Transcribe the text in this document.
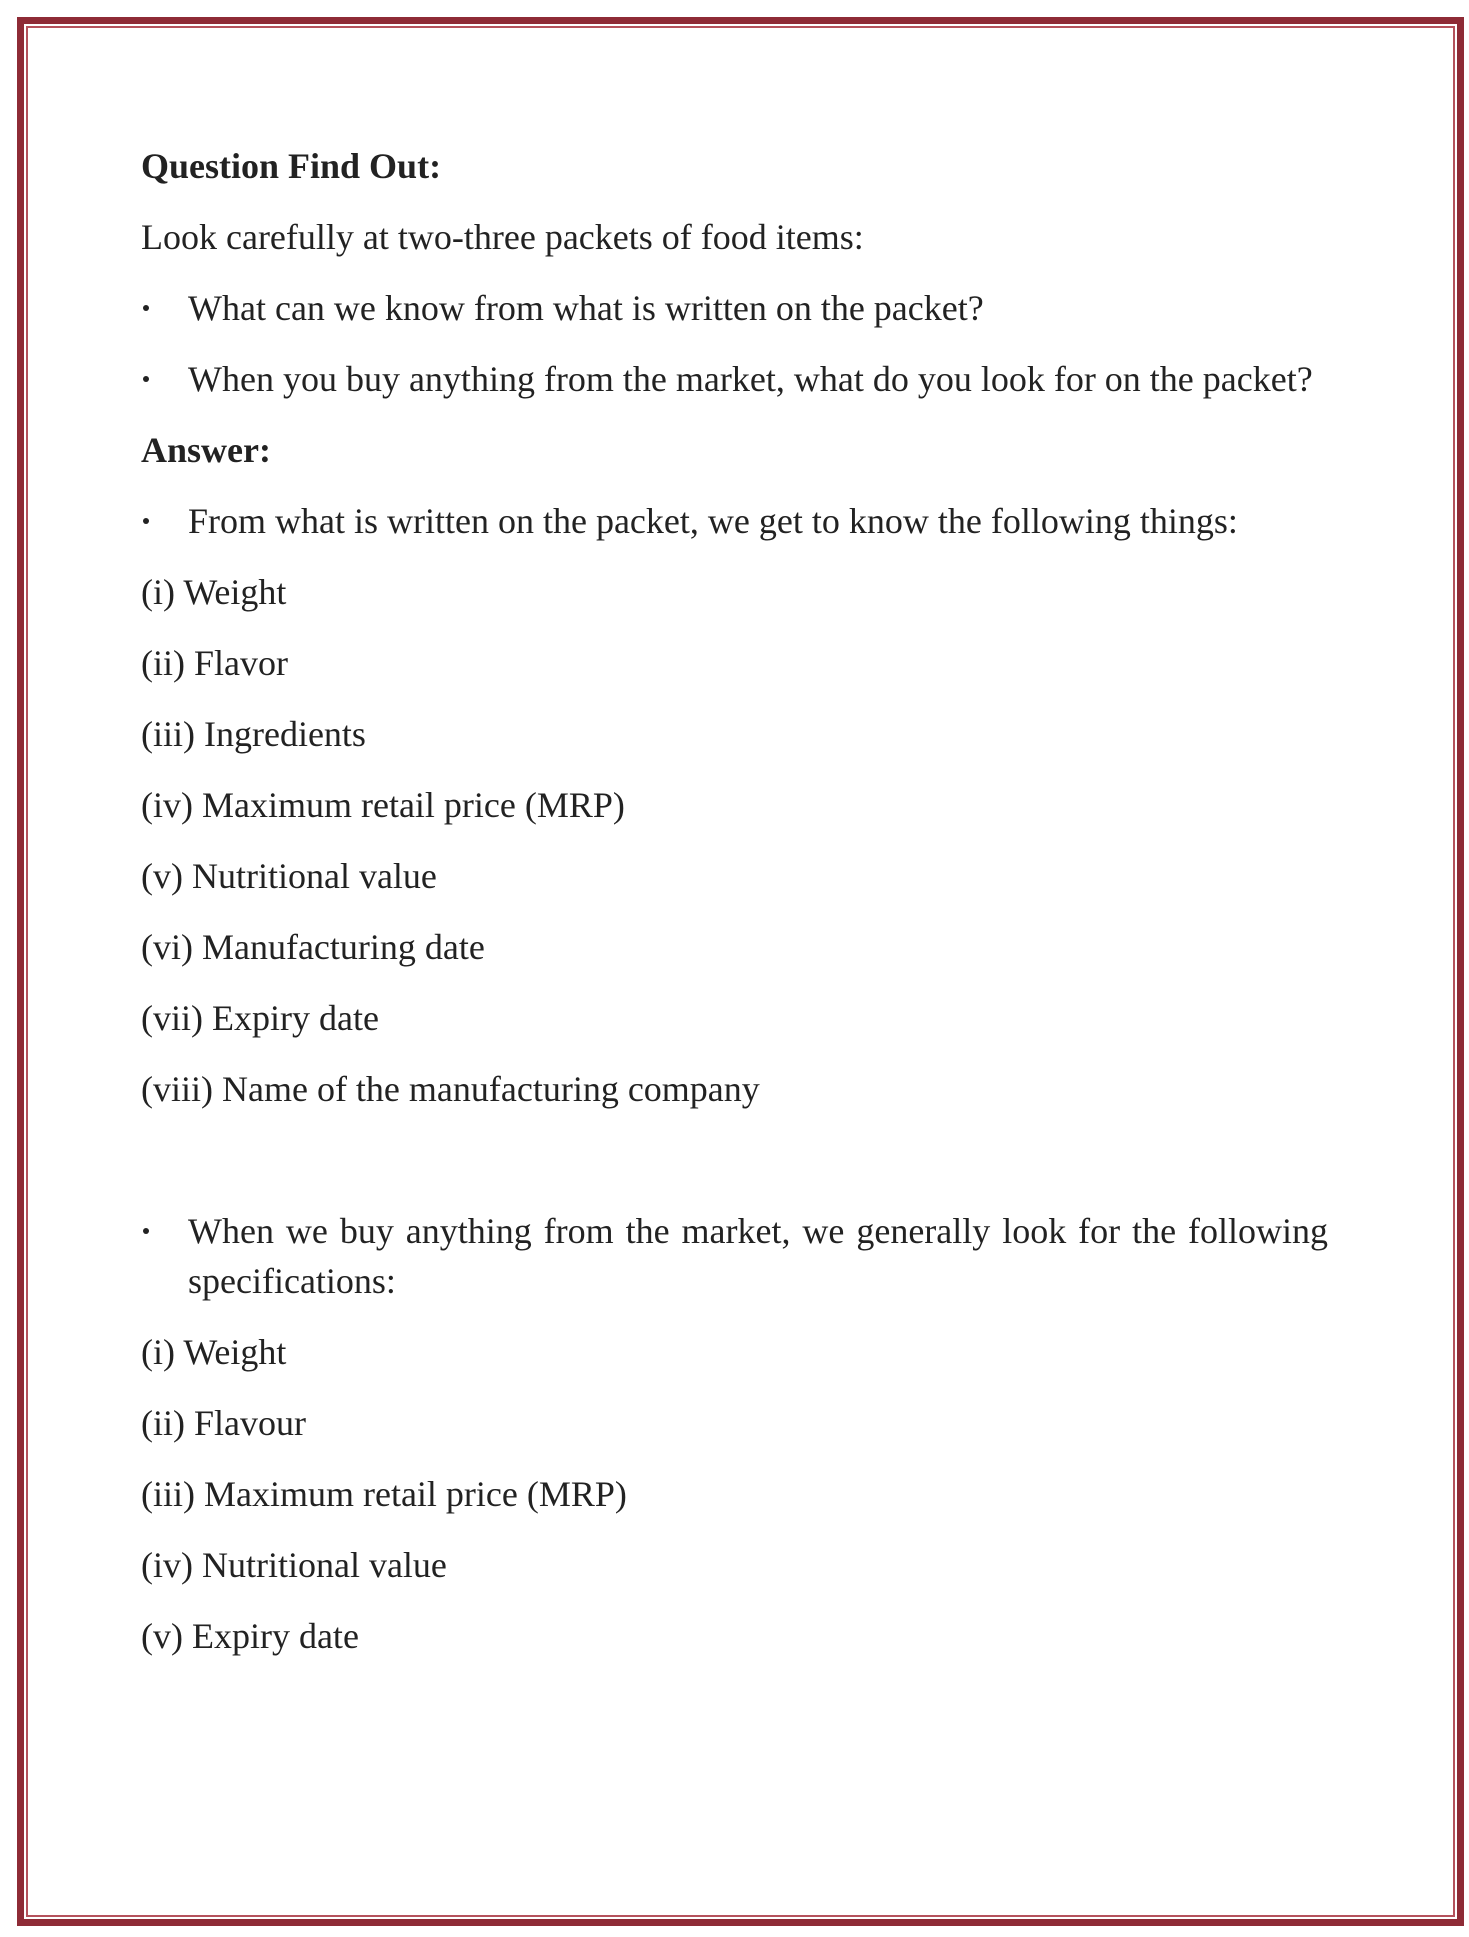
Question Find Out:

Look carefully at two-three packets of food items:

What can we know from what is written on the packet?
When you buy anything from the market, what do you look for on the packet?

Answer:

From what is written on the packet, we get to know the following things:

(i) Weight

(ii) Flavor

(iii) Ingredients

(iv) Maximum retail price (MRP)

(v) Nutritional value

(vi) Manufacturing date

(vii) Expiry date

(viii) Name of the manufacturing company

When we buy anything from the market, we generally look for the following specifications:

(i) Weight

(ii) Flavour

(iii) Maximum retail price (MRP)

(iv) Nutritional value

(v) Expiry date
